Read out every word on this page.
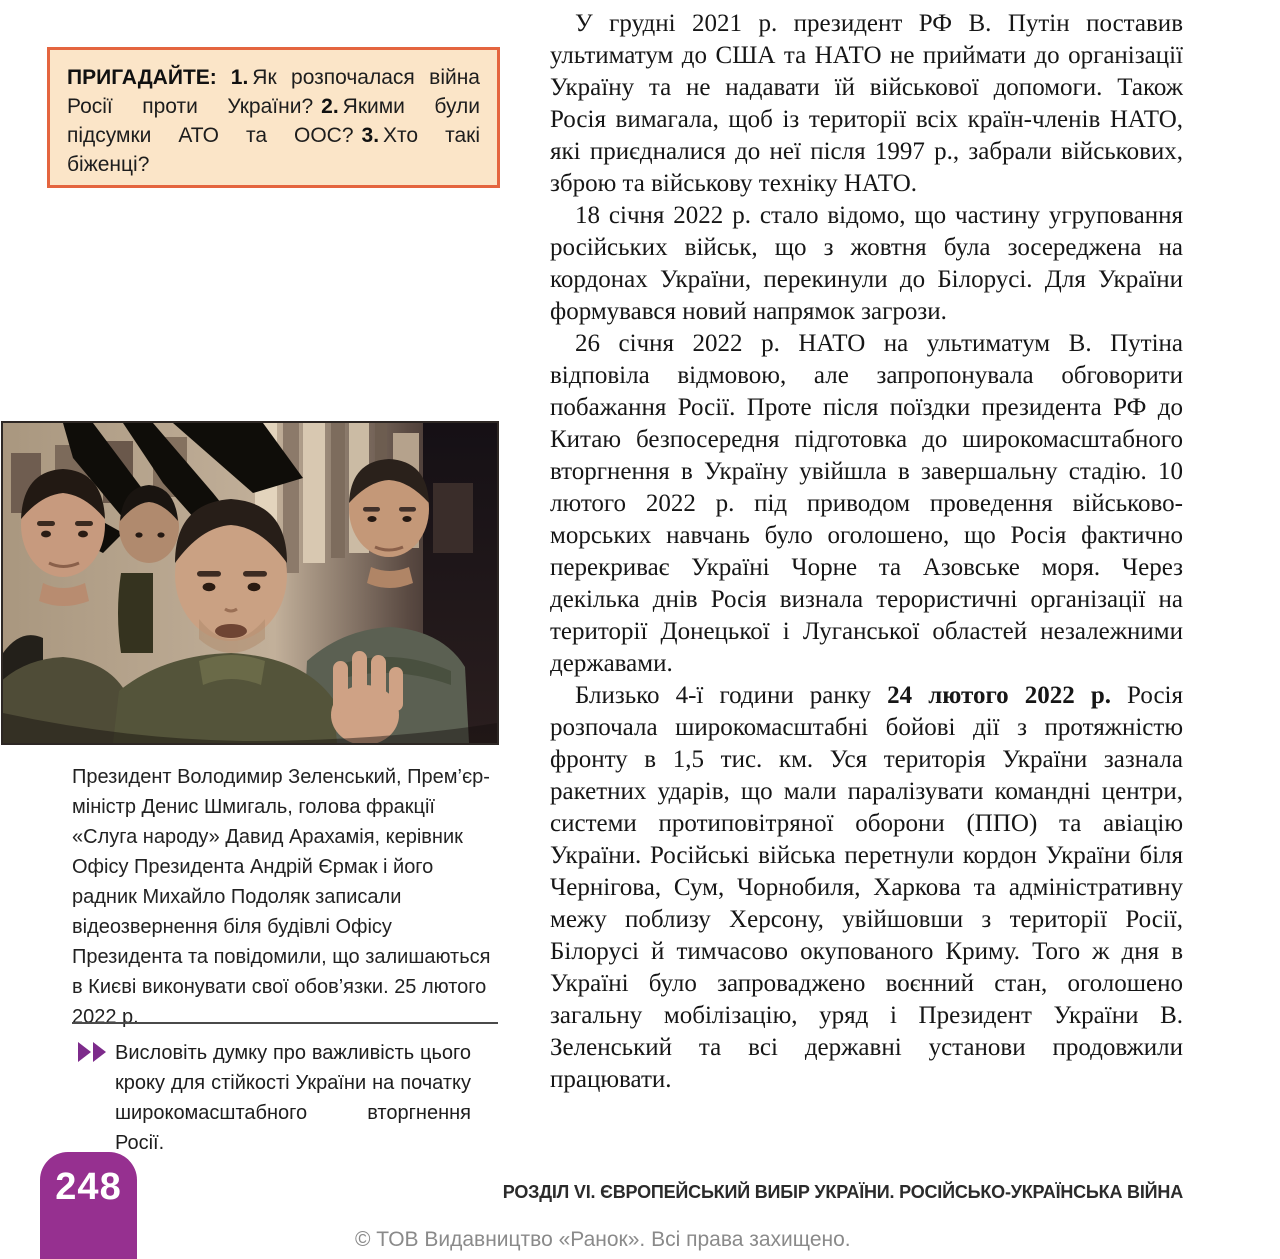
ПРИГАДАЙТЕ: 1. Як розпочалася війна Росії проти України? 2. Якими були підсумки АТО та ООС? 3. Хто такі біженці?

Президент Володимир Зеленський, Прем’єр-міністр Денис Шмигаль, голова фракції «Слуга народу» Давид Арахамія, керівник Офісу Президента Андрій Єрмак і його радник Михайло Подоляк записали відеозвернення біля будівлі Офісу Президента та повідомили, що залишаються в Києві виконувати свої обов’язки. 25 лютого 2022 р.

Висловіть думку про важливість цього кроку для стійкості України на початку широкомасштабного вторгнення Росії.

У грудні 2021 р. президент РФ В. Путін поставив ультиматум до США та НАТО не приймати до організації Україну та не надавати їй військової допомоги. Також Росія вимагала, щоб із території всіх країн-членів НАТО, які приєдналися до неї після 1997 р., забрали військових, зброю та військову техніку НАТО.

18 січня 2022 р. стало відомо, що частину угруповання російських військ, що з жовтня була зосереджена на кордонах України, перекинули до Білорусі. Для України формувався новий напрямок загрози.

26 січня 2022 р. НАТО на ультиматум В. Путіна відповіла відмовою, але запропонувала обговорити побажання Росії. Проте після поїздки президента РФ до Китаю безпосередня підготовка до широкомасштабного вторгнення в Україну увійшла в завершальну стадію. 10 лютого 2022 р. під приводом проведення військово-морських навчань було оголошено, що Росія фактично перекриває Україні Чорне та Азовське моря. Через декілька днів Росія визнала терористичні організації на території Донецької і Луганської областей незалежними державами.

Близько 4-ї години ранку 24 лютого 2022 р. Росія розпочала широкомасштабні бойові дії з протяжністю фронту в 1,5 тис. км. Уся територія України зазнала ракетних ударів, що мали паралізувати командні центри, системи протиповітряної оборони (ППО) та авіацію України. Російські війська перетнули кордон України біля Чернігова, Сум, Чорнобиля, Харкова та адміністративну межу поблизу Херсону, увійшовши з території Росії, Білорусі й тимчасово окупованого Криму. Того ж дня в Україні було запроваджено воєнний стан, оголошено загальну мобілізацію, уряд і Президент України В. Зеленський та всі державні установи продовжили працювати.

248	РОЗДІЛ VI. ЄВРОПЕЙСЬКИЙ ВИБІР УКРАЇНИ. РОСІЙСЬКО-УКРАЇНСЬКА ВІЙНА
© ТОВ Видавництво «Ранок». Всі права захищено.
